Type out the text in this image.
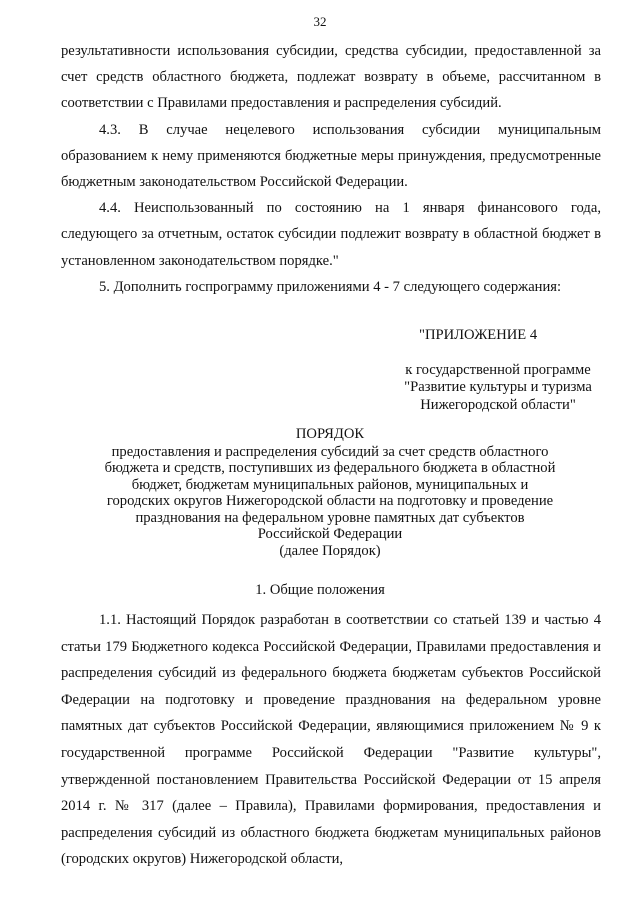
32

результативности использования субсидии, средства субсидии, предоставленной за счет средств областного бюджета, подлежат возврату в объеме, рассчитанном в соответствии с Правилами предоставления и распределения субсидий.

4.3. В случае нецелевого использования субсидии муниципальным образованием к нему применяются бюджетные меры принуждения, предусмотренные бюджетным законодательством Российской Федерации.

4.4. Неиспользованный по состоянию на 1 января финансового года, следующего за отчетным, остаток субсидии подлежит возврату в областной бюджет в установленном законодательством порядке."

5. Дополнить госпрограмму приложениями 4 - 7 следующего содержания:

"ПРИЛОЖЕНИЕ 4
к государственной программе
"Развитие культуры и туризма
Нижегородской области"
ПОРЯДОК
предоставления и распределения субсидий за счет средств областного
бюджета и средств, поступивших из федерального бюджета в областной
бюджет, бюджетам муниципальных районов, муниципальных и
городских округов Нижегородской области на подготовку и проведение
празднования на федеральном уровне памятных дат субъектов
Российской Федерации
(далее Порядок)
1. Общие положения

1.1. Настоящий Порядок разработан в соответствии со статьей 139 и частью 4 статьи 179 Бюджетного кодекса Российской Федерации, Правилами предоставления и распределения субсидий из федерального бюджета бюджетам субъектов Российской Федерации на подготовку и проведение празднования на федеральном уровне памятных дат субъектов Российской Федерации, являющимися приложением № 9 к государственной программе Российской Федерации "Развитие культуры", утвержденной постановлением Правительства Российской Федерации от 15 апреля 2014 г. № 317 (далее – Правила), Правилами формирования, предоставления и распределения субсидий из областного бюджета бюджетам муниципальных районов (городских округов) Нижегородской области,
